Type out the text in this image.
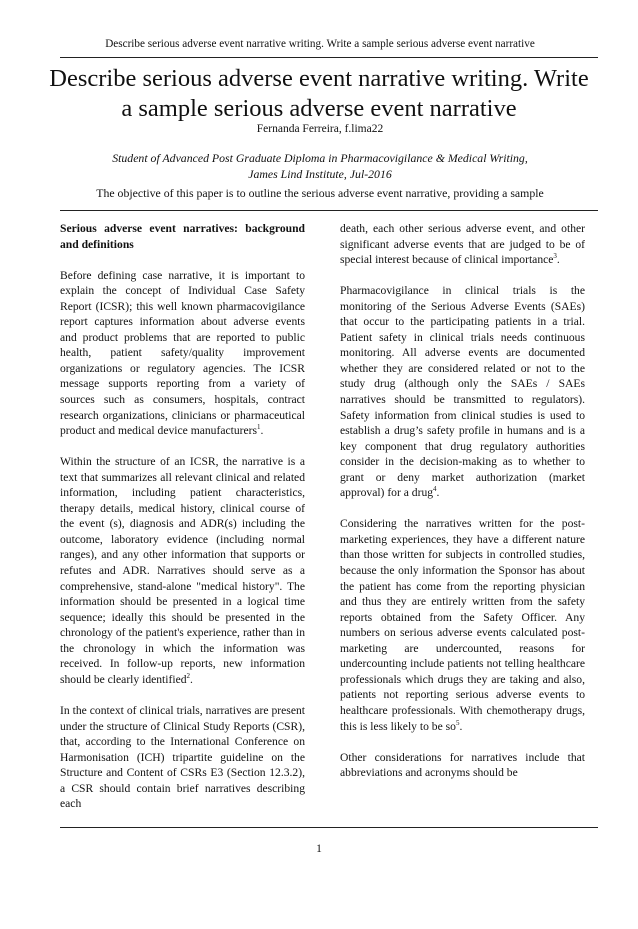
Describe serious adverse event narrative writing. Write a sample serious adverse event narrative
Describe serious adverse event narrative writing. Write a sample serious adverse event narrative
Fernanda Ferreira, f.lima22
Student of Advanced Post Graduate Diploma in Pharmacovigilance & Medical Writing,
James Lind Institute, Jul-2016
The objective of this paper is to outline the serious adverse event narrative, providing a sample

Serious adverse event narratives: background and definitions

Before defining case narrative, it is important to explain the concept of Individual Case Safety Report (ICSR); this well known pharmacovigilance report captures information about adverse events and product problems that are reported to public health, patient safety/quality improvement organizations or regulatory agencies. The ICSR message supports reporting from a variety of sources such as consumers, hospitals, contract research organizations, clinicians or pharmaceutical product and medical device manufacturers$^1$.

Within the structure of an ICSR, the narrative is a text that summarizes all relevant clinical and related information, including patient characteristics, therapy details, medical history, clinical course of the event (s), diagnosis and ADR(s) including the outcome, laboratory evidence (including normal ranges), and any other information that supports or refutes and ADR. Narratives should serve as a comprehensive, stand-alone "medical history". The information should be presented in a logical time sequence; ideally this should be presented in the chronology of the patient's experience, rather than in the chronology in which the information was received. In follow-up reports, new information should be clearly identified$^2$.

In the context of clinical trials, narratives are present under the structure of Clinical Study Reports (CSR), that, according to the International Conference on Harmonisation (ICH) tripartite guideline on the Structure and Content of CSRs E3 (Section 12.3.2), a CSR should contain brief narratives describing each

death, each other serious adverse event, and other significant adverse events that are judged to be of special interest because of clinical importance$^3$.

Pharmacovigilance in clinical trials is the monitoring of the Serious Adverse Events (SAEs) that occur to the participating patients in a trial. Patient safety in clinical trials needs continuous monitoring. All adverse events are documented whether they are considered related or not to the study drug (although only the SAEs / SAEs narratives should be transmitted to regulators). Safety information from clinical studies is used to establish a drug’s safety profile in humans and is a key component that drug regulatory authorities consider in the decision-making as to whether to grant or deny market authorization (market approval) for a drug$^4$.

Considering the narratives written for the post-marketing experiences, they have a different nature than those written for subjects in controlled studies, because the only information the Sponsor has about the patient has come from the reporting physician and thus they are entirely written from the safety reports obtained from the Safety Officer. Any numbers on serious adverse events calculated post-marketing are undercounted, reasons for undercounting include patients not telling healthcare professionals which drugs they are taking and also, patients not reporting serious adverse events to healthcare professionals. With chemotherapy drugs, this is less likely to be $so^5$.

Other considerations for narratives include that abbreviations and acronyms should be

1
